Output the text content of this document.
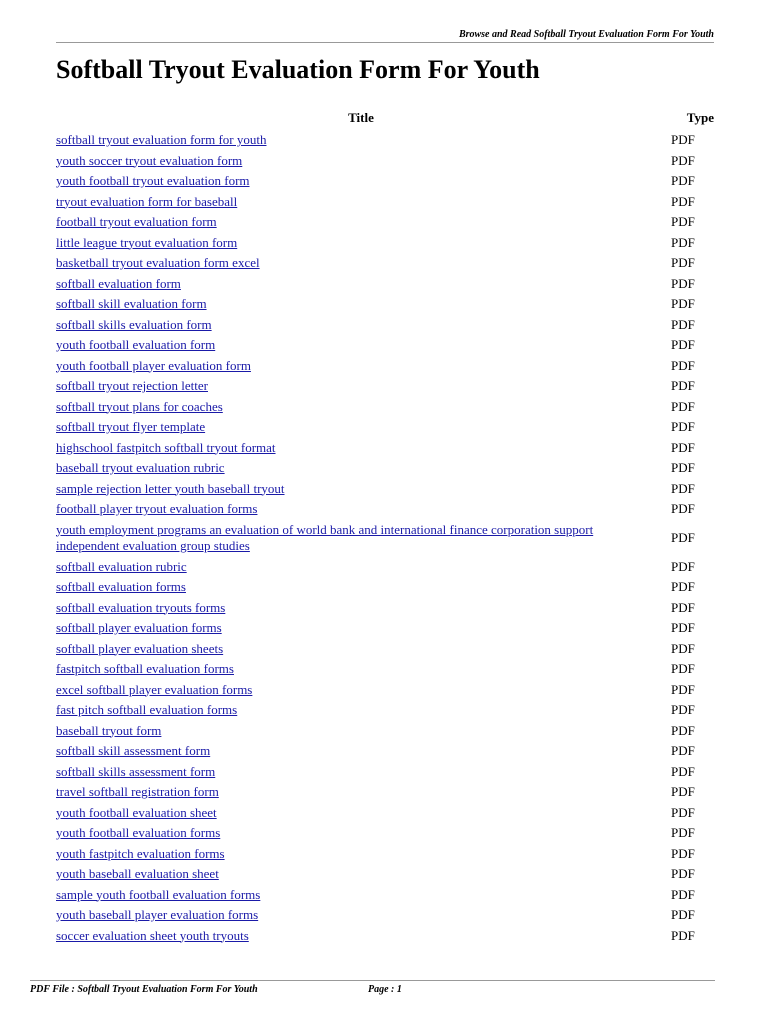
Browse and Read Softball Tryout Evaluation Form For Youth
Softball Tryout Evaluation Form For Youth
Title	Type
softball tryout evaluation form for youth	PDF
youth soccer tryout evaluation form	PDF
youth football tryout evaluation form	PDF
tryout evaluation form for baseball	PDF
football tryout evaluation form	PDF
little league tryout evaluation form	PDF
basketball tryout evaluation form excel	PDF
softball evaluation form	PDF
softball skill evaluation form	PDF
softball skills evaluation form	PDF
youth football evaluation form	PDF
youth football player evaluation form	PDF
softball tryout rejection letter	PDF
softball tryout plans for coaches	PDF
softball tryout flyer template	PDF
highschool fastpitch softball tryout format	PDF
baseball tryout evaluation rubric	PDF
sample rejection letter youth baseball tryout	PDF
football player tryout evaluation forms	PDF
youth employment programs an evaluation of world bank and international finance corporation support independent evaluation group studies	PDF
softball evaluation rubric	PDF
softball evaluation forms	PDF
softball evaluation tryouts forms	PDF
softball player evaluation forms	PDF
softball player evaluation sheets	PDF
fastpitch softball evaluation forms	PDF
excel softball player evaluation forms	PDF
fast pitch softball evaluation forms	PDF
baseball tryout form	PDF
softball skill assessment form	PDF
softball skills assessment form	PDF
travel softball registration form	PDF
youth football evaluation sheet	PDF
youth football evaluation forms	PDF
youth fastpitch evaluation forms	PDF
youth baseball evaluation sheet	PDF
sample youth football evaluation forms	PDF
youth baseball player evaluation forms	PDF
soccer evaluation sheet youth tryouts	PDF
PDF File : Softball Tryout Evaluation Form For Youth	Page : 1
